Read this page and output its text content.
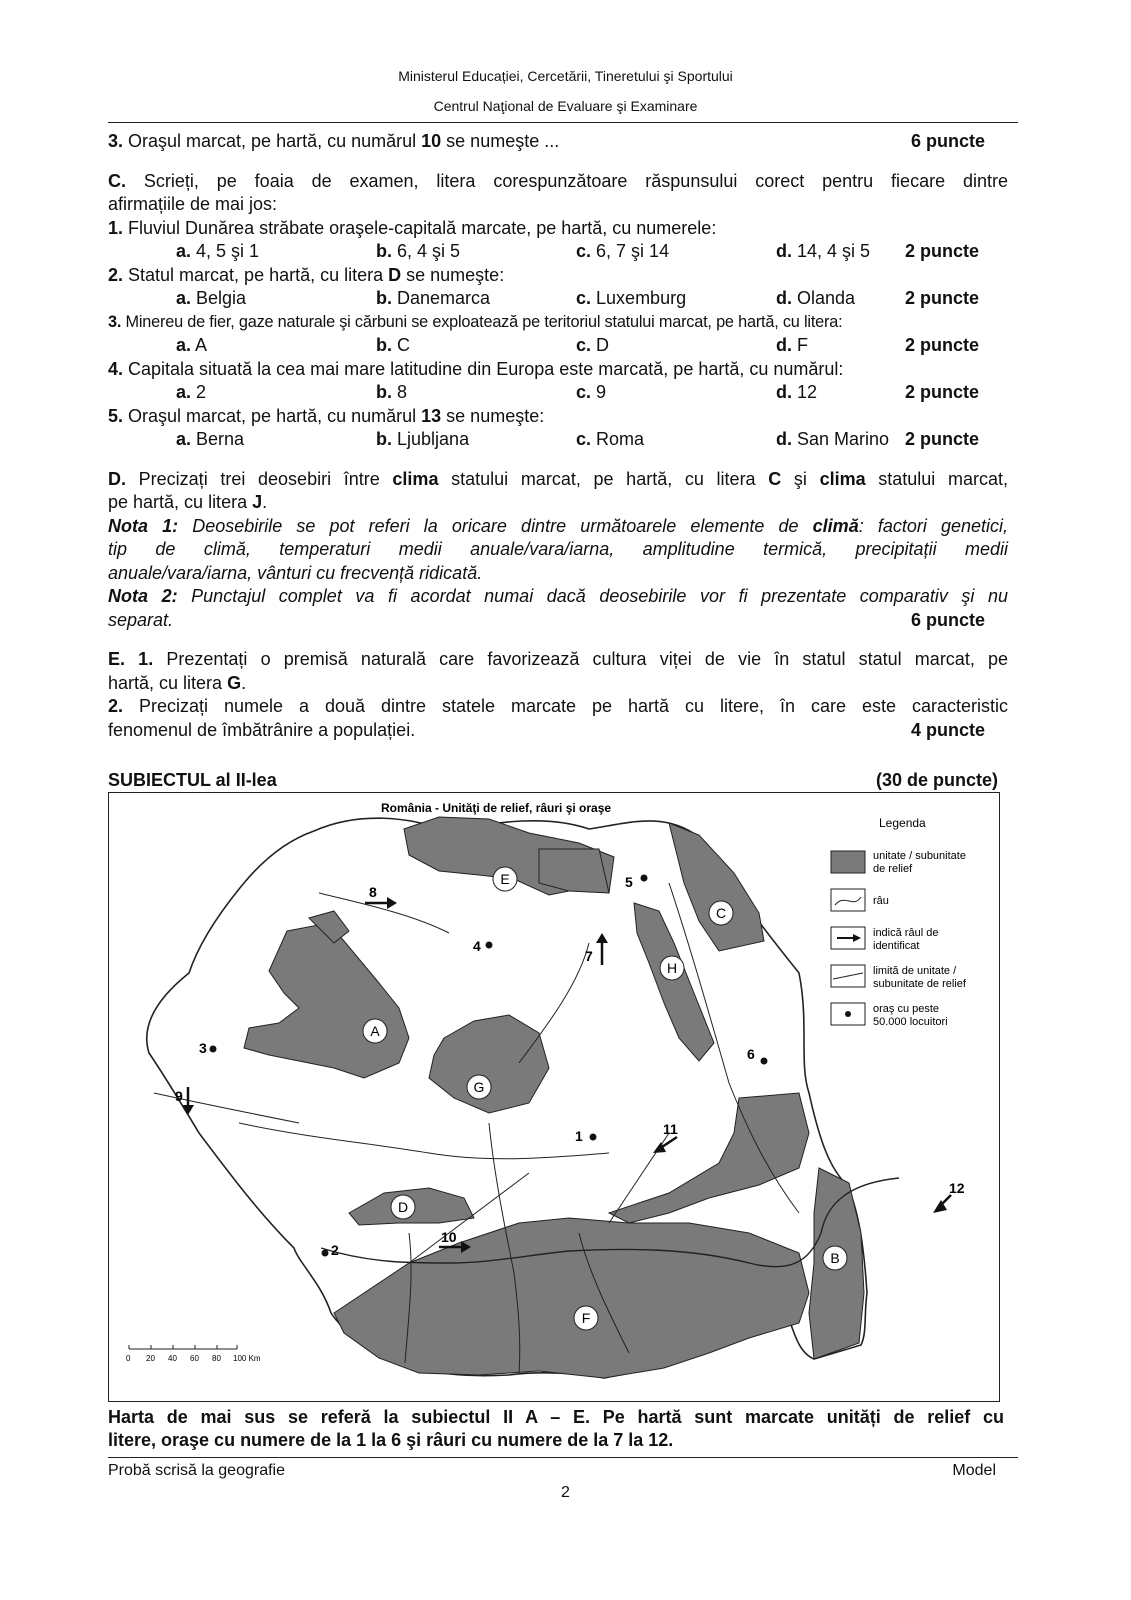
Ministerul Educației, Cercetării, Tineretului şi Sportului
Centrul Naţional de Evaluare şi Examinare
3. Oraşul marcat, pe hartă, cu numărul 10 se numeşte ...	6 puncte
C. Scrieți, pe foaia de examen, litera corespunzătoare răspunsului corect pentru fiecare dintre
afirmațiile de mai jos:
1. Fluviul Dunărea străbate oraşele-capitală marcate, pe hartă, cu numerele:
a. 4, 5 şi 1	b. 6, 4 şi 5	c. 6, 7 şi 14	d. 14, 4 şi 5 2 puncte
2. Statul marcat, pe hartă, cu litera D se numeşte:
a. Belgia	b. Danemarca	c. Luxemburg	d. Olanda	2 puncte
3. Minereu de fier, gaze naturale şi cărbuni se exploatează pe teritoriul statului marcat, pe hartă, cu litera:
a. A	b. C	c. D	d. F	2 puncte
4. Capitala situată la cea mai mare latitudine din Europa este marcată, pe hartă, cu numărul:
a. 2	b. 8	c. 9	d. 12	2 puncte
5. Oraşul marcat, pe hartă, cu numărul 13 se numeşte:
a. Berna	b. Ljubljana	c. Roma	d. San Marino 2 puncte
D. Precizați trei deosebiri între clima statului marcat, pe hartă, cu litera C şi clima statului marcat,
pe hartă, cu litera J.
Nota 1: Deosebirile se pot referi la oricare dintre următoarele elemente de climă: factori genetici,
tip de climă, temperaturi medii anuale/vara/iarna, amplitudine termică, precipitații medii
anuale/vara/iarna, vânturi cu frecvență ridicată.
Nota 2: Punctajul complet va fi acordat numai dacă deosebirile vor fi prezentate comparativ şi nu
separat.	6 puncte
E. 1. Prezentați o premisă naturală care favorizează cultura viței de vie în statul statul marcat, pe
hartă, cu litera G.
2. Precizați numele a două dintre statele marcate pe hartă cu litere, în care este caracteristic
fenomenul de îmbătrânire a populației.	4 puncte
SUBIECTUL al II-lea	(30 de puncte)
România - Unităţi de relief, râuri şi oraşe
A
B
C
D
E
F
G
H
1
2
3
4
5
6
7
8
9
10
11
12
0 20 40 60 80 100 Km
Legenda
unitate / subunitate
de relief
râu
indică râul de
identificat
limită de unitate /
subunitate de relief
oraş cu peste
50.000 locuitori
Harta de mai sus se referă la subiectul II A – E. Pe hartă sunt marcate unități de relief cu
litere, oraşe cu numere de la 1 la 6 şi râuri cu numere de la 7 la 12.
Probă scrisă la geografie	Model
2
